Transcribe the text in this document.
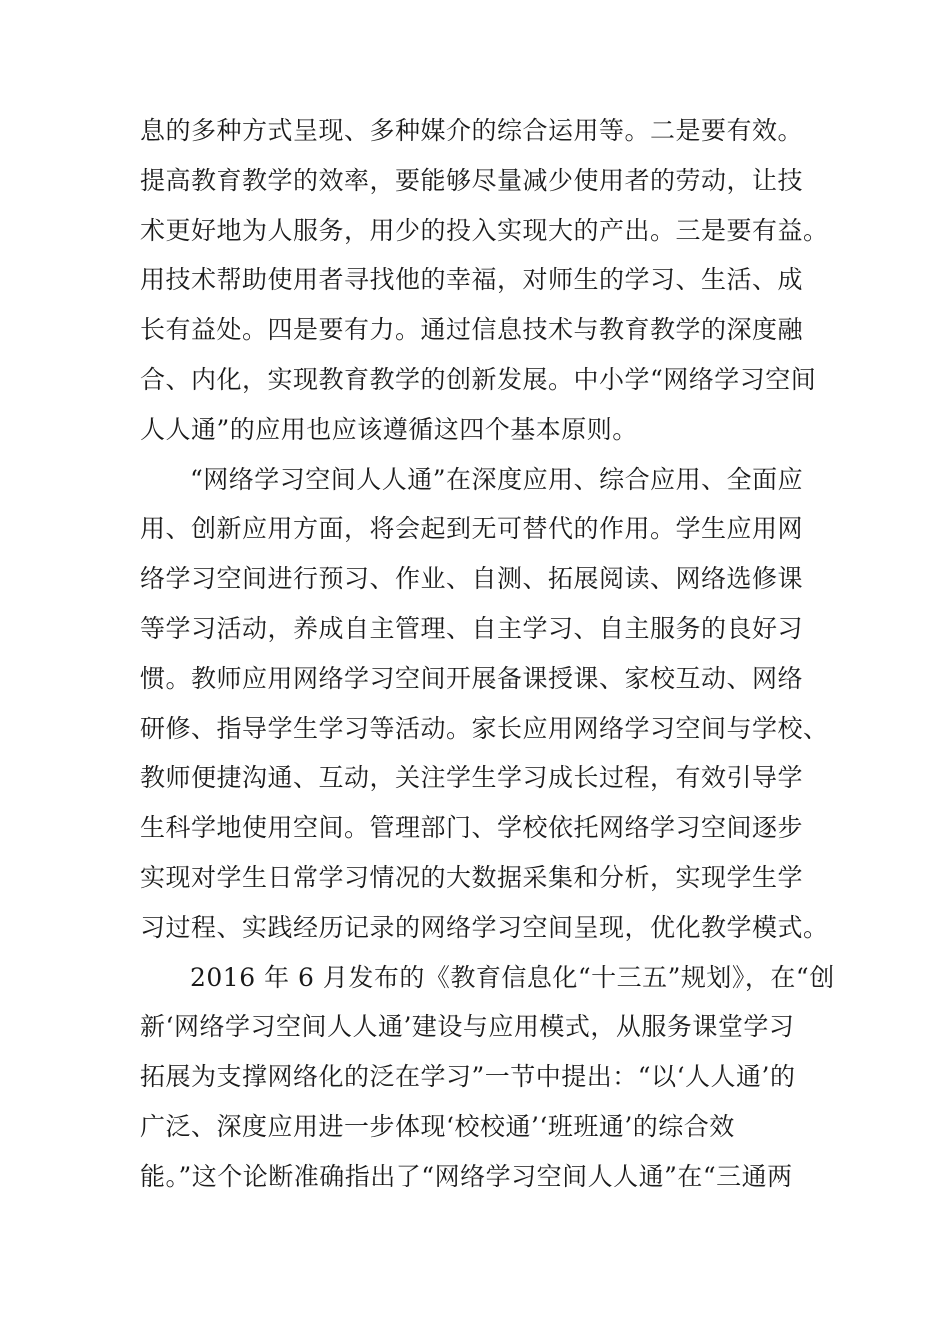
息的多种方式呈现、多种媒介的综合运用等。二是要有效。
提高教育教学的效率，要能够尽量减少使用者的劳动，让技
术更好地为人服务，用少的投入实现大的产出。三是要有益。
用技术帮助使用者寻找他的幸福，对师生的学习、生活、成
长有益处。四是要有力。通过信息技术与教育教学的深度融
合、内化，实现教育教学的创新发展。中小学“网络学习空间
人人通”的应用也应该遵循这四个基本原则。
“网络学习空间人人通”在深度应用、综合应用、全面应
用、创新应用方面，将会起到无可替代的作用。学生应用网
络学习空间进行预习、作业、自测、拓展阅读、网络选修课
等学习活动，养成自主管理、自主学习、自主服务的良好习
惯。教师应用网络学习空间开展备课授课、家校互动、网络
研修、指导学生学习等活动。家长应用网络学习空间与学校、
教师便捷沟通、互动，关注学生学习成长过程，有效引导学
生科学地使用空间。管理部门、学校依托网络学习空间逐步
实现对学生日常学习情况的大数据采集和分析，实现学生学
习过程、实践经历记录的网络学习空间呈现，优化教学模式。
2016 年 6 月发布的《教育信息化“十三五”规划》，在“创
新‘网络学习空间人人通’建设与应用模式，从服务课堂学习
拓展为支撑网络化的泛在学习”一节中提出：“以‘人人通’的
广泛、深度应用进一步体现‘校校通’‘班班通’的综合效
能。”这个论断准确指出了“网络学习空间人人通”在“三通两
